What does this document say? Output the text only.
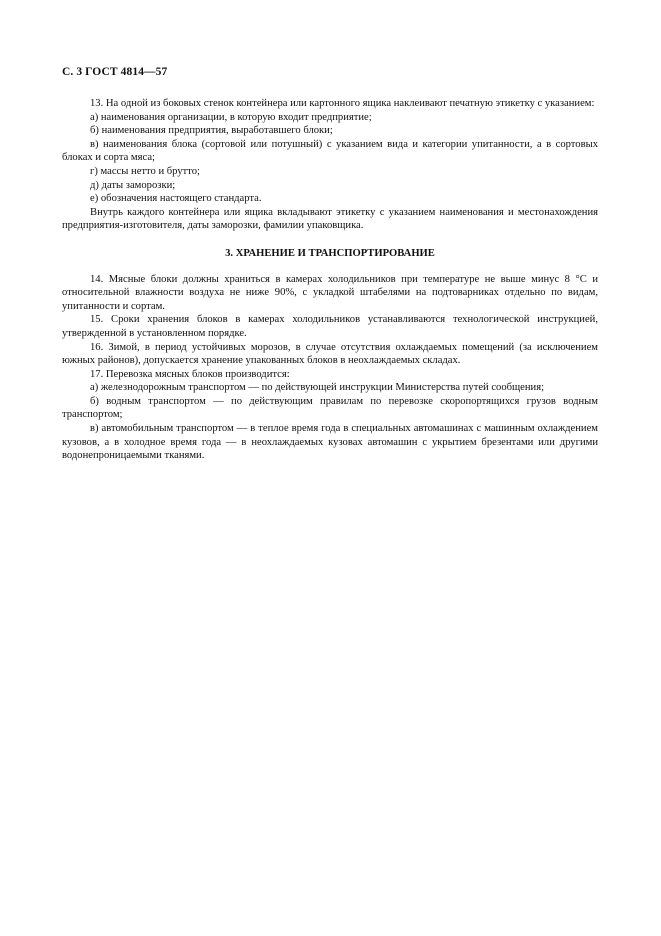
С. 3 ГОСТ 4814—57

13. На одной из боковых стенок контейнера или картонного ящика наклеивают печатную этикетку с указанием:

а) наименования организации, в которую входит предприятие;

б) наименования предприятия, выработавшего блоки;

в) наименования блока (сортовой или потушный) с указанием вида и категории упитанности, а в сортовых блоках и сорта мяса;

г) массы нетто и брутто;

д) даты заморозки;

е) обозначения настоящего стандарта.

Внутрь каждого контейнера или ящика вкладывают этикетку с указанием наименования и местонахождения предприятия-изготовителя, даты заморозки, фамилии упаковщика.

3. ХРАНЕНИЕ И ТРАНСПОРТИРОВАНИЕ

14. Мясные блоки должны храниться в камерах холодильников при температуре не выше минус 8 °С и относительной влажности воздуха не ниже 90%, с укладкой штабелями на подтоварниках отдельно по видам, упитанности и сортам.

15. Сроки хранения блоков в камерах холодильников устанавливаются технологической инструкцией, утвержденной в установленном порядке.

16. Зимой, в период устойчивых морозов, в случае отсутствия охлаждаемых помещений (за исключением южных районов), допускается хранение упакованных блоков в неохлаждаемых складах.

17. Перевозка мясных блоков производится:

а) железнодорожным транспортом — по действующей инструкции Министерства путей сообщения;

б) водным транспортом — по действующим правилам по перевозке скоропортящихся грузов водным транспортом;

в) автомобильным транспортом — в теплое время года в специальных автомашинах с машинным охлаждением кузовов, а в холодное время года — в неохлаждаемых кузовах автомашин с укрытием брезентами или другими водонепроницаемыми тканями.
